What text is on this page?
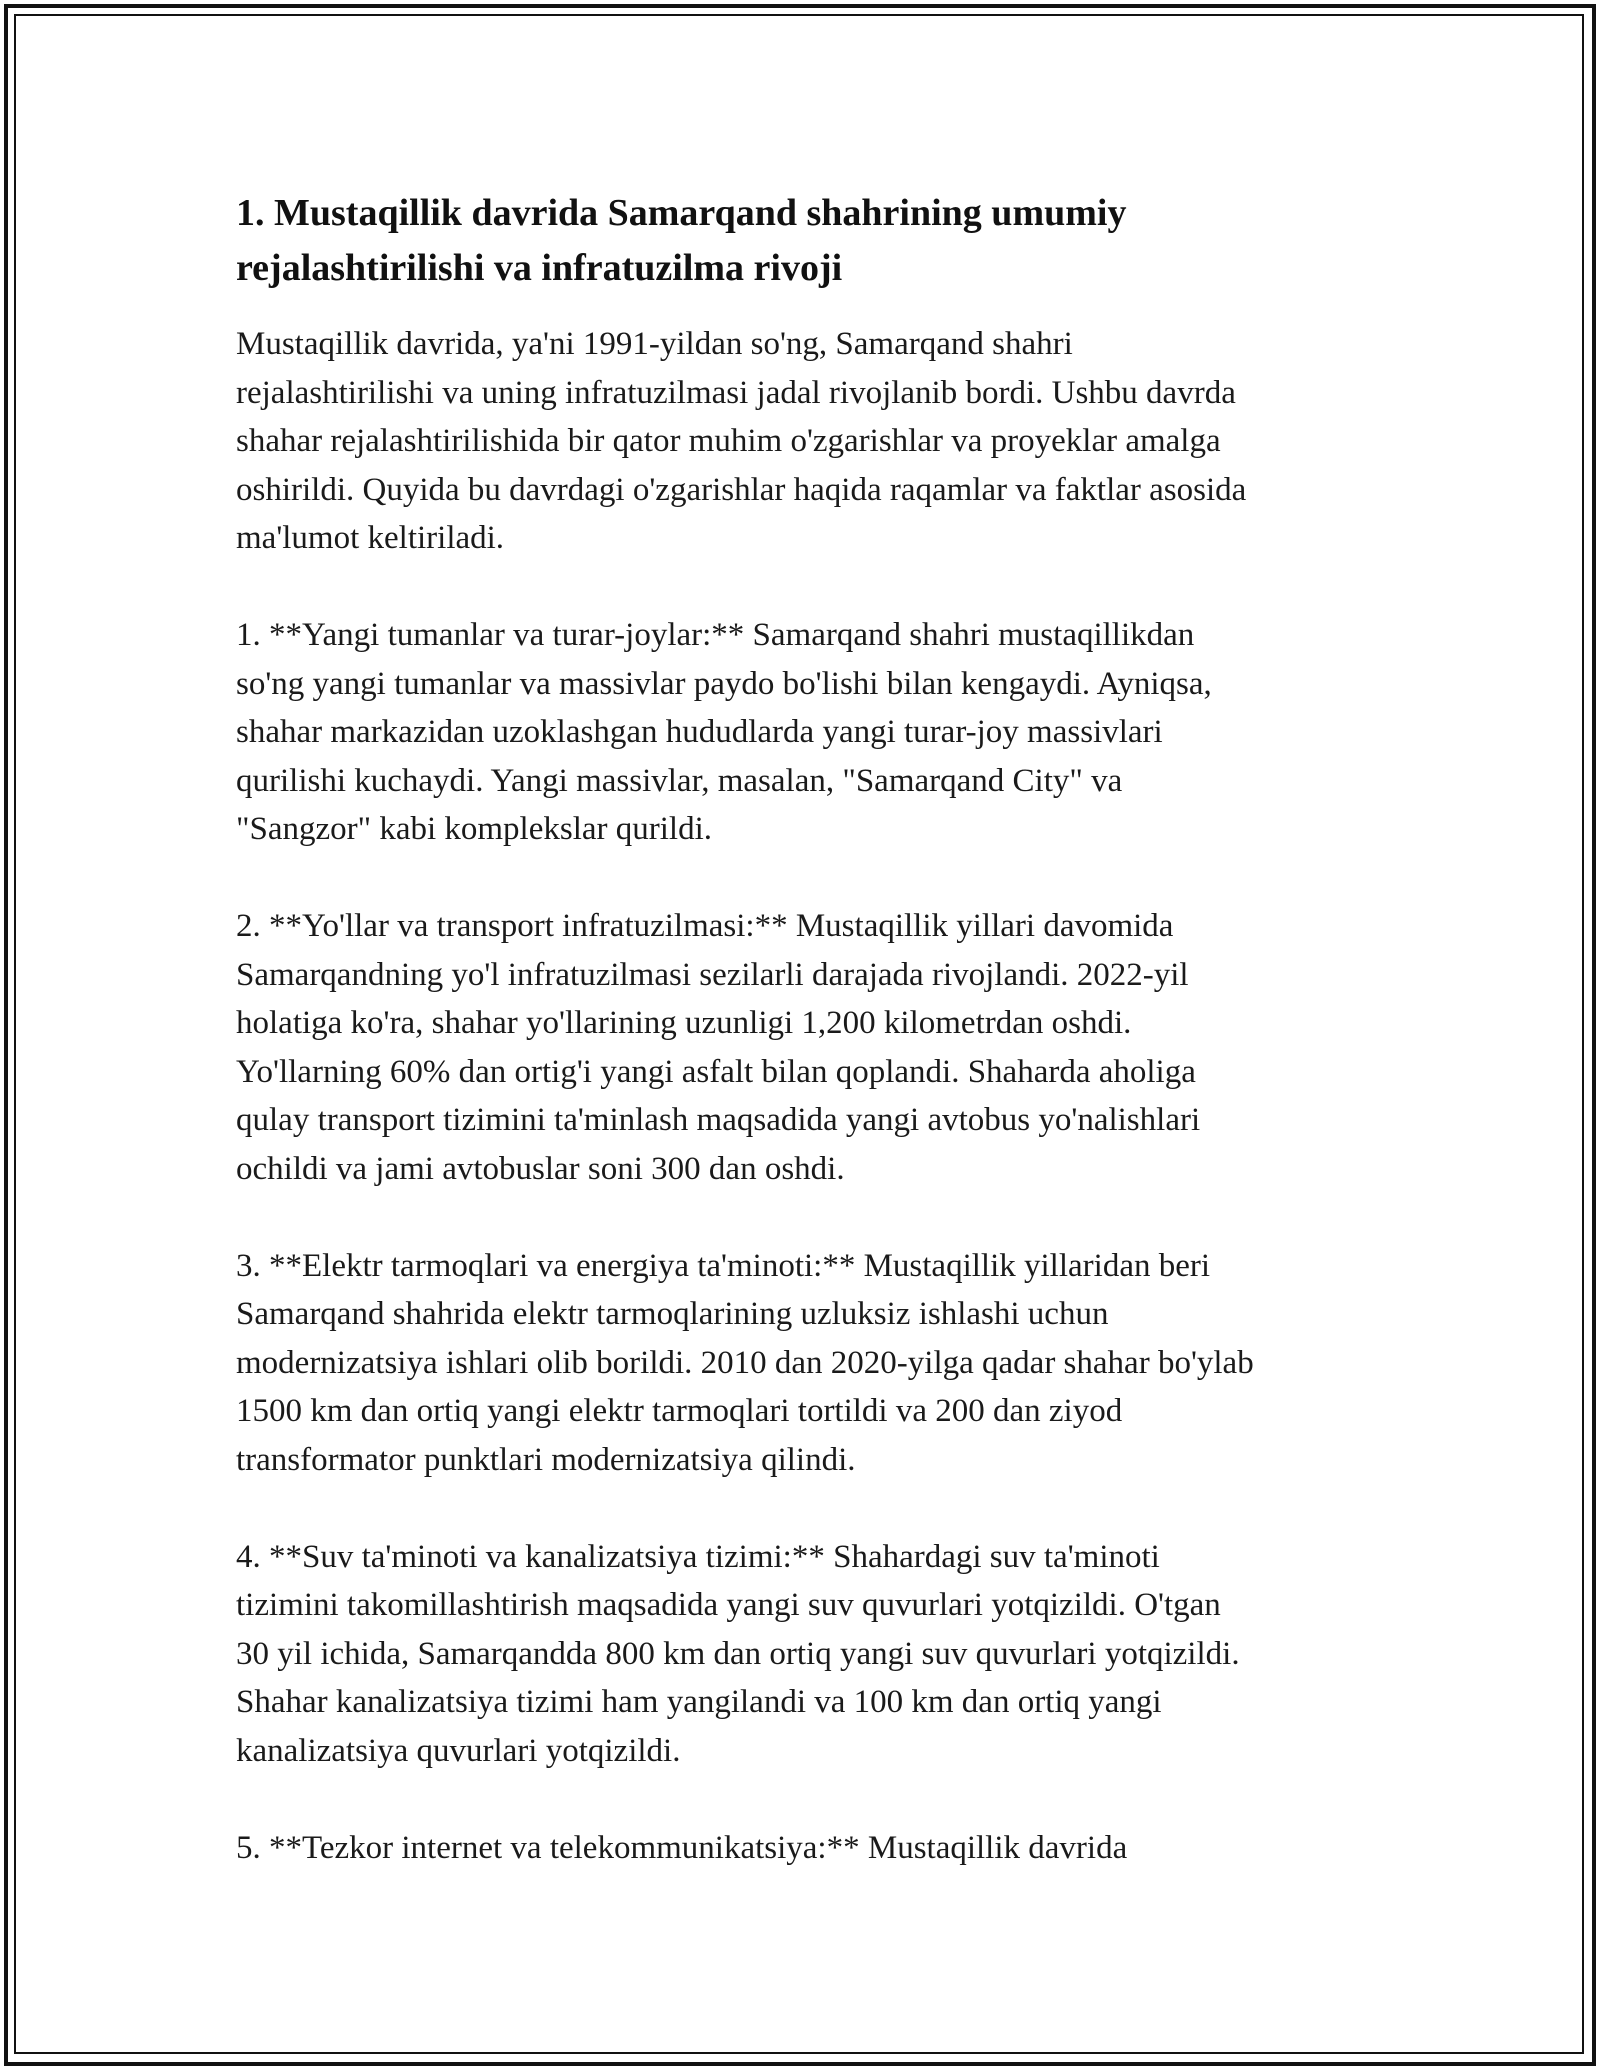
1. Mustaqillik davrida Samarqand shahrining umumiy
rejalashtirilishi va infratuzilma rivoji

Mustaqillik davrida, ya'ni 1991-yildan so'ng, Samarqand shahri
rejalashtirilishi va uning infratuzilmasi jadal rivojlanib bordi. Ushbu davrda
shahar rejalashtirilishida bir qator muhim o'zgarishlar va proyeklar amalga
oshirildi. Quyida bu davrdagi o'zgarishlar haqida raqamlar va faktlar asosida
ma'lumot keltiriladi.

1. **Yangi tumanlar va turar-joylar:** Samarqand shahri mustaqillikdan
so'ng yangi tumanlar va massivlar paydo bo'lishi bilan kengaydi. Ayniqsa,
shahar markazidan uzoklashgan hududlarda yangi turar-joy massivlari
qurilishi kuchaydi. Yangi massivlar, masalan, "Samarqand City" va
"Sangzor" kabi komplekslar qurildi.

2. **Yo'llar va transport infratuzilmasi:** Mustaqillik yillari davomida
Samarqandning yo'l infratuzilmasi sezilarli darajada rivojlandi. 2022-yil
holatiga ko'ra, shahar yo'llarining uzunligi 1,200 kilometrdan oshdi.
Yo'llarning 60% dan ortig'i yangi asfalt bilan qoplandi. Shaharda aholiga
qulay transport tizimini ta'minlash maqsadida yangi avtobus yo'nalishlari
ochildi va jami avtobuslar soni 300 dan oshdi.

3. **Elektr tarmoqlari va energiya ta'minoti:** Mustaqillik yillaridan beri
Samarqand shahrida elektr tarmoqlarining uzluksiz ishlashi uchun
modernizatsiya ishlari olib borildi. 2010 dan 2020-yilga qadar shahar bo'ylab
1500 km dan ortiq yangi elektr tarmoqlari tortildi va 200 dan ziyod
transformator punktlari modernizatsiya qilindi.

4. **Suv ta'minoti va kanalizatsiya tizimi:** Shahardagi suv ta'minoti
tizimini takomillashtirish maqsadida yangi suv quvurlari yotqizildi. O'tgan
30 yil ichida, Samarqandda 800 km dan ortiq yangi suv quvurlari yotqizildi.
Shahar kanalizatsiya tizimi ham yangilandi va 100 km dan ortiq yangi
kanalizatsiya quvurlari yotqizildi.

5. **Tezkor internet va telekommunikatsiya:** Mustaqillik davrida
